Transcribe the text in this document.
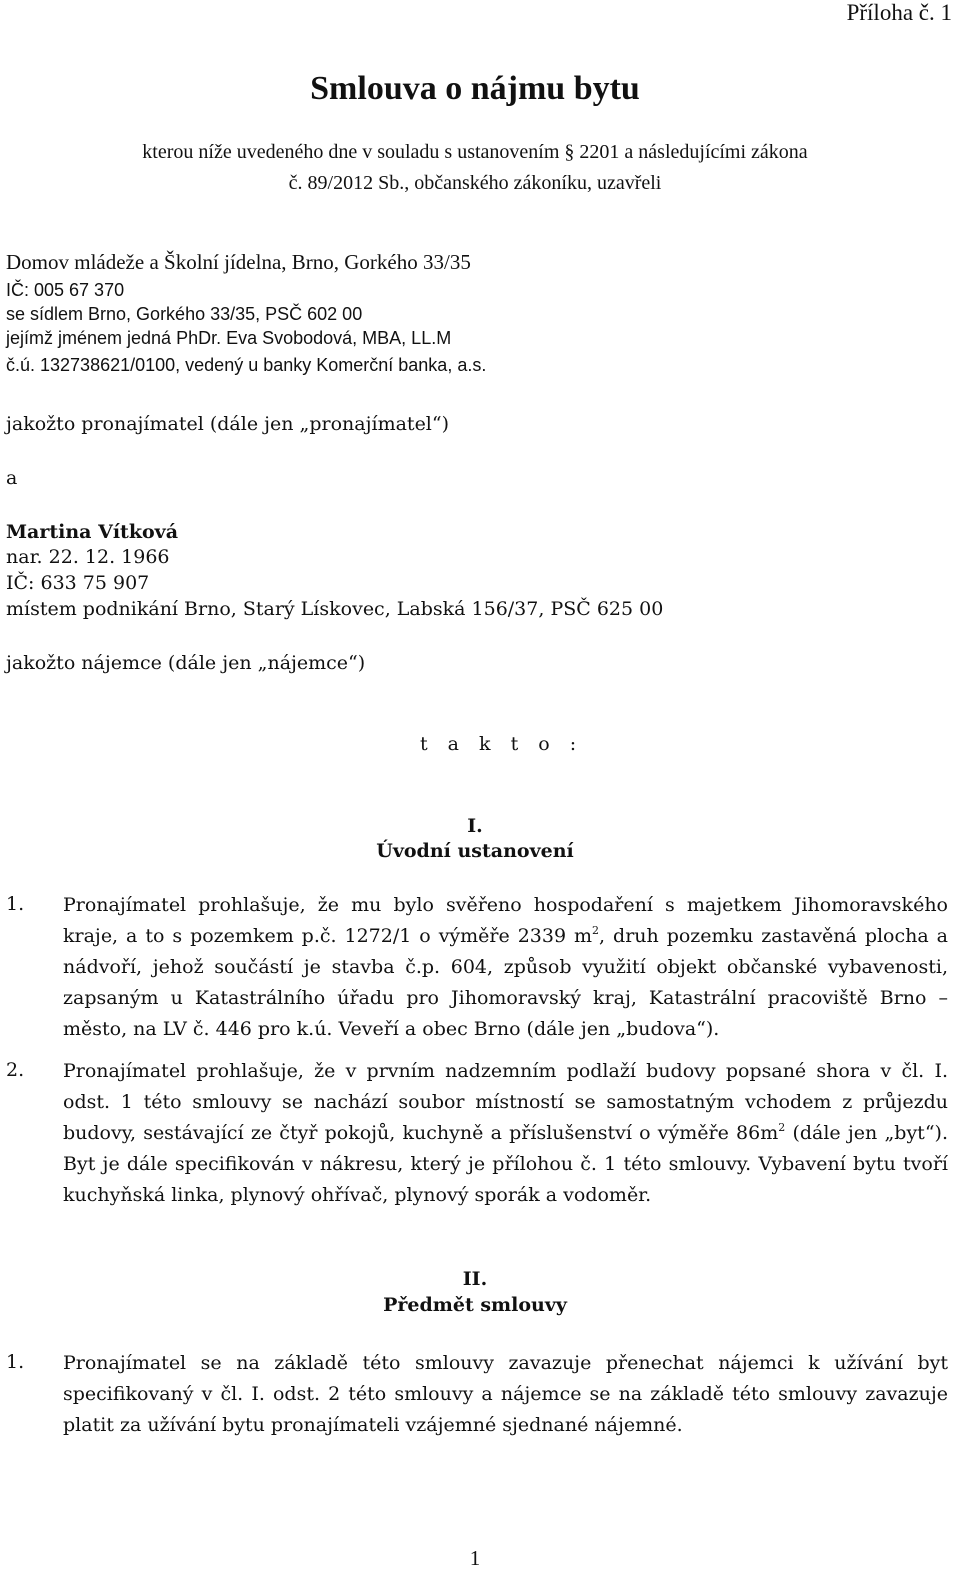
Příloha č. 1
Smlouva o nájmu bytu
kterou níže uvedeného dne v souladu s ustanovením § 2201 a následujícími zákona
č. 89/2012 Sb., občanského zákoníku, uzavřeli
Domov mládeže a Školní jídelna, Brno, Gorkého 33/35
IČ: 005 67 370
se sídlem Brno, Gorkého 33/35, PSČ 602 00
jejímž jménem jedná PhDr. Eva Svobodová, MBA, LL.M
č.ú. 132738621/0100, vedený u banky Komerční banka, a.s.
jakožto pronajímatel (dále jen „pronajímatel“)
a
Martina Vítková
nar. 22. 12. 1966
IČ: 633 75 907
místem podnikání Brno, Starý Lískovec, Labská 156/37, PSČ 625 00
jakožto nájemce (dále jen „nájemce“)
t a k t o :
I.
Úvodní ustanovení
1. Pronajímatel prohlašuje, že mu bylo svěřeno hospodaření s majetkem Jihomoravského kraje, a to s pozemkem p.č. 1272/1 o výměře 2339 $m^2$, druh pozemku zastavěná plocha a nádvoří, jehož součástí je stavba č.p. 604, způsob využití objekt občanské vybavenosti, zapsaným u Katastrálního úřadu pro Jihomoravský kraj, Katastrální pracoviště Brno – město, na LV č. 446 pro k.ú. Veveří a obec Brno (dále jen „budova“).
2. Pronajímatel prohlašuje, že v prvním nadzemním podlaží budovy popsané shora v čl. I. odst. 1 této smlouvy se nachází soubor místností se samostatným vchodem z průjezdu budovy, sestávající ze čtyř pokojů, kuchyně a příslušenství o výměře $86m^2$ (dále jen „byt“). Byt je dále specifikován v nákresu, který je přílohou č. 1 této smlouvy. Vybavení bytu tvoří kuchyňská linka, plynový ohřívač, plynový sporák a vodoměr.
II.
Předmět smlouvy
1. Pronajímatel se na základě této smlouvy zavazuje přenechat nájemci k užívání byt specifikovaný v čl. I. odst. 2 této smlouvy a nájemce se na základě této smlouvy zavazuje platit za užívání bytu pronajímateli vzájemné sjednané nájemné.
1
